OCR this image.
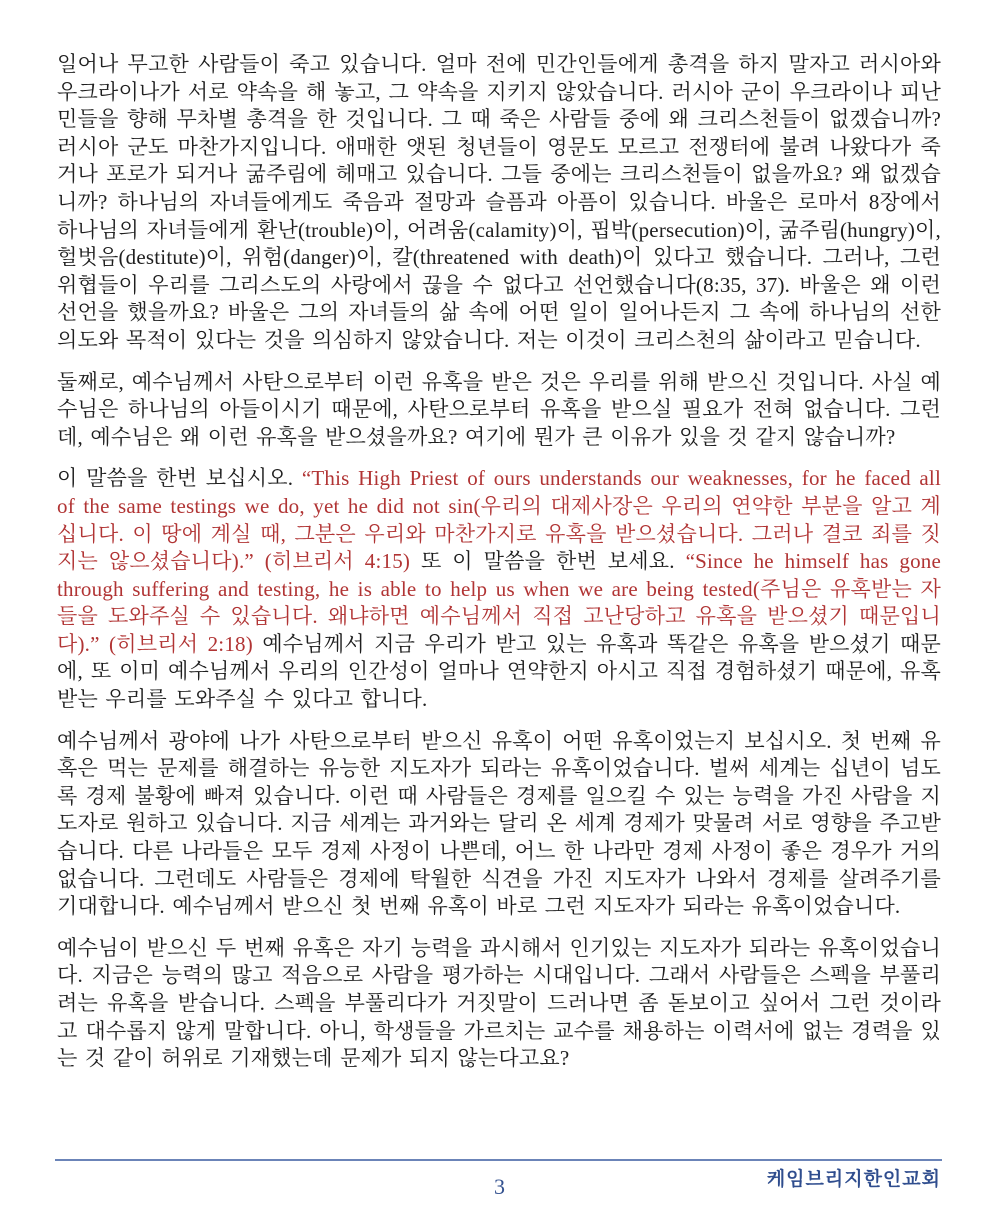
일어나 무고한 사람들이 죽고 있습니다. 얼마 전에 민간인들에게 총격을 하지 말자고 러시아와 우크라이나가 서로 약속을 해 놓고, 그 약속을 지키지 않았습니다. 러시아 군이 우크라이나 피난민들을 향해 무차별 총격을 한 것입니다. 그 때 죽은 사람들 중에 왜 크리스천들이 없겠습니까? 러시아 군도 마찬가지입니다. 애매한 앳된 청년들이 영문도 모르고 전쟁터에 불려 나왔다가 죽거나 포로가 되거나 굶주림에 헤매고 있습니다. 그들 중에는 크리스천들이 없을까요? 왜 없겠습니까? 하나님의 자녀들에게도 죽음과 절망과 슬픔과 아픔이 있습니다. 바울은 로마서 8장에서 하나님의 자녀들에게 환난(trouble)이, 어려움(calamity)이, 핍박(persecution)이, 굶주림(hungry)이, 헐벗음(destitute)이, 위험(danger)이, 칼(threatened with death)이 있다고 했습니다. 그러나, 그런 위협들이 우리를 그리스도의 사랑에서 끊을 수 없다고 선언했습니다(8:35, 37). 바울은 왜 이런 선언을 했을까요? 바울은 그의 자녀들의 삶 속에 어떤 일이 일어나든지 그 속에 하나님의 선한 의도와 목적이 있다는 것을 의심하지 않았습니다. 저는 이것이 크리스천의 삶이라고 믿습니다.

둘째로, 예수님께서 사탄으로부터 이런 유혹을 받은 것은 우리를 위해 받으신 것입니다. 사실 예수님은 하나님의 아들이시기 때문에, 사탄으로부터 유혹을 받으실 필요가 전혀 없습니다. 그런데, 예수님은 왜 이런 유혹을 받으셨을까요? 여기에 뭔가 큰 이유가 있을 것 같지 않습니까?

이 말씀을 한번 보십시오. “This High Priest of ours understands our weaknesses, for he faced all of the same testings we do, yet he did not sin(우리의 대제사장은 우리의 연약한 부분을 알고 계십니다. 이 땅에 계실 때, 그분은 우리와 마찬가지로 유혹을 받으셨습니다. 그러나 결코 죄를 짓지는 않으셨습니다).” (히브리서 4:15) 또 이 말씀을 한번 보세요. “Since he himself has gone through suffering and testing, he is able to help us when we are being tested(주님은 유혹받는 자들을 도와주실 수 있습니다. 왜냐하면 예수님께서 직접 고난당하고 유혹을 받으셨기 때문입니다).” (히브리서 2:18) 예수님께서 지금 우리가 받고 있는 유혹과 똑같은 유혹을 받으셨기 때문에, 또 이미 예수님께서 우리의 인간성이 얼마나 연약한지 아시고 직접 경험하셨기 때문에, 유혹받는 우리를 도와주실 수 있다고 합니다.

예수님께서 광야에 나가 사탄으로부터 받으신 유혹이 어떤 유혹이었는지 보십시오. 첫 번째 유혹은 먹는 문제를 해결하는 유능한 지도자가 되라는 유혹이었습니다. 벌써 세계는 십년이 넘도록 경제 불황에 빠져 있습니다. 이런 때 사람들은 경제를 일으킬 수 있는 능력을 가진 사람을 지도자로 원하고 있습니다. 지금 세계는 과거와는 달리 온 세계 경제가 맞물려 서로 영향을 주고받습니다. 다른 나라들은 모두 경제 사정이 나쁜데, 어느 한 나라만 경제 사정이 좋은 경우가 거의 없습니다. 그런데도 사람들은 경제에 탁월한 식견을 가진 지도자가 나와서 경제를 살려주기를 기대합니다. 예수님께서 받으신 첫 번째 유혹이 바로 그런 지도자가 되라는 유혹이었습니다.

예수님이 받으신 두 번째 유혹은 자기 능력을 과시해서 인기있는 지도자가 되라는 유혹이었습니다. 지금은 능력의 많고 적음으로 사람을 평가하는 시대입니다. 그래서 사람들은 스펙을 부풀리려는 유혹을 받습니다. 스펙을 부풀리다가 거짓말이 드러나면 좀 돋보이고 싶어서 그런 것이라고 대수롭지 않게 말합니다. 아니, 학생들을 가르치는 교수를 채용하는 이력서에 없는 경력을 있는 것 같이 허위로 기재했는데 문제가 되지 않는다고요?

케임브리지한인교회
3
